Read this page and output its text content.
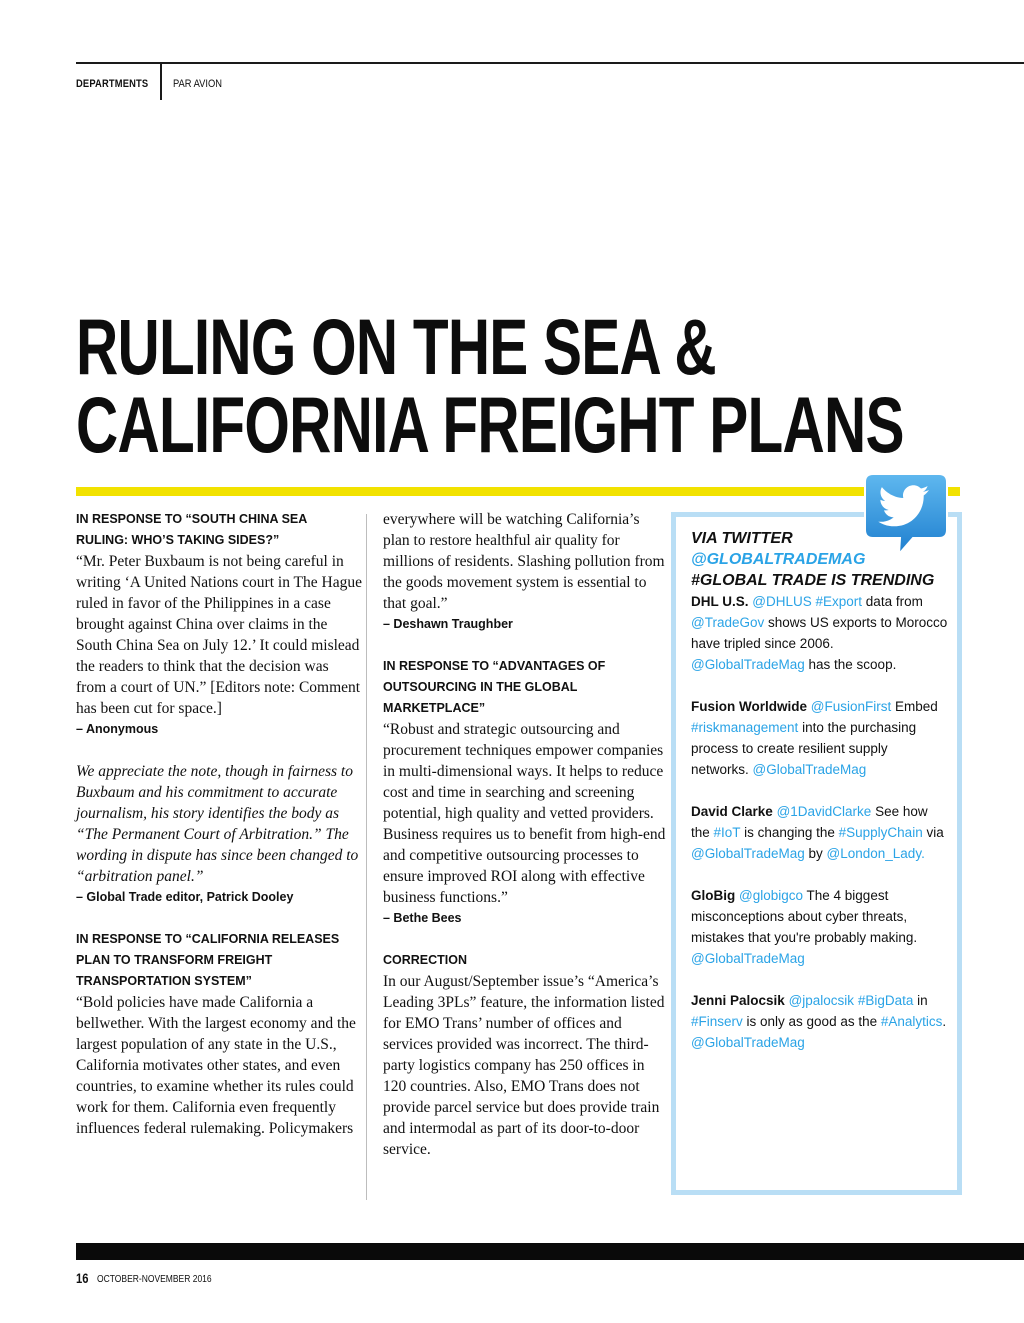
DEPARTMENTS PAR AVION
RULING ON THE SEA &
CALIFORNIA FREIGHT PLANS
IN RESPONSE TO “SOUTH CHINA SEA RULING: WHO’S TAKING SIDES?”
“Mr. Peter Buxbaum is not being careful in writing ‘A United Nations court in The Hague ruled in favor of the Philippines in a case brought against China over claims in the South China Sea on July 12.’ It could mislead the readers to think that the decision was from a court of UN.” [Editors note: Comment has been cut for space.]
– Anonymous
We appreciate the note, though in fairness to Buxbaum and his commitment to accurate journalism, his story identifies the body as “The Permanent Court of Arbitration.” The wording in dispute has since been changed to “arbitration panel.”
– Global Trade editor, Patrick Dooley
IN RESPONSE TO “CALIFORNIA RELEASES PLAN TO TRANSFORM FREIGHT TRANSPORTATION SYSTEM”
“Bold policies have made California a bellwether. With the largest economy and the largest population of any state in the U.S., California motivates other states, and even countries, to examine whether its rules could work for them. California even frequently influences federal rulemaking. Policymakers
everywhere will be watching California’s plan to restore healthful air quality for millions of residents. Slashing pollution from the goods movement system is essential to that goal.”
– Deshawn Traughber
IN RESPONSE TO “ADVANTAGES OF OUTSOURCING IN THE GLOBAL MARKETPLACE”
“Robust and strategic outsourcing and procurement techniques empower companies in multi-dimensional ways. It helps to reduce cost and time in searching and screening potential, high quality and vetted providers. Business requires us to benefit from high-end and competitive outsourcing processes to ensure improved ROI along with effective business functions.”
– Bethe Bees
CORRECTION
In our August/September issue’s “America’s Leading 3PLs” feature, the information listed for EMO Trans’ number of offices and services provided was incorrect. The third-party logistics company has 250 offices in 120 countries. Also, EMO Trans does not provide parcel service but does provide train and intermodal as part of its door-to-door service.
VIA TWITTER
@GLOBALTRADEMAG
#GLOBAL TRADE IS TRENDING
DHL U.S. @DHLUS #Export data from @TradeGov shows US exports to Morocco have tripled since 2006. @GlobalTradeMag has the scoop.
Fusion Worldwide @FusionFirst Embed #riskmanagement into the purchasing process to create resilient supply networks. @GlobalTradeMag
David Clarke @1DavidClarke See how the #IoT is changing the #SupplyChain via @GlobalTradeMag by @London_Lady.
GloBig @globigco The 4 biggest misconceptions about cyber threats, mistakes that you're probably making. @GlobalTradeMag
Jenni Palocsik @jpalocsik #BigData in #Finserv is only as good as the #Analytics. @GlobalTradeMag
16 OCTOBER-NOVEMBER 2016
